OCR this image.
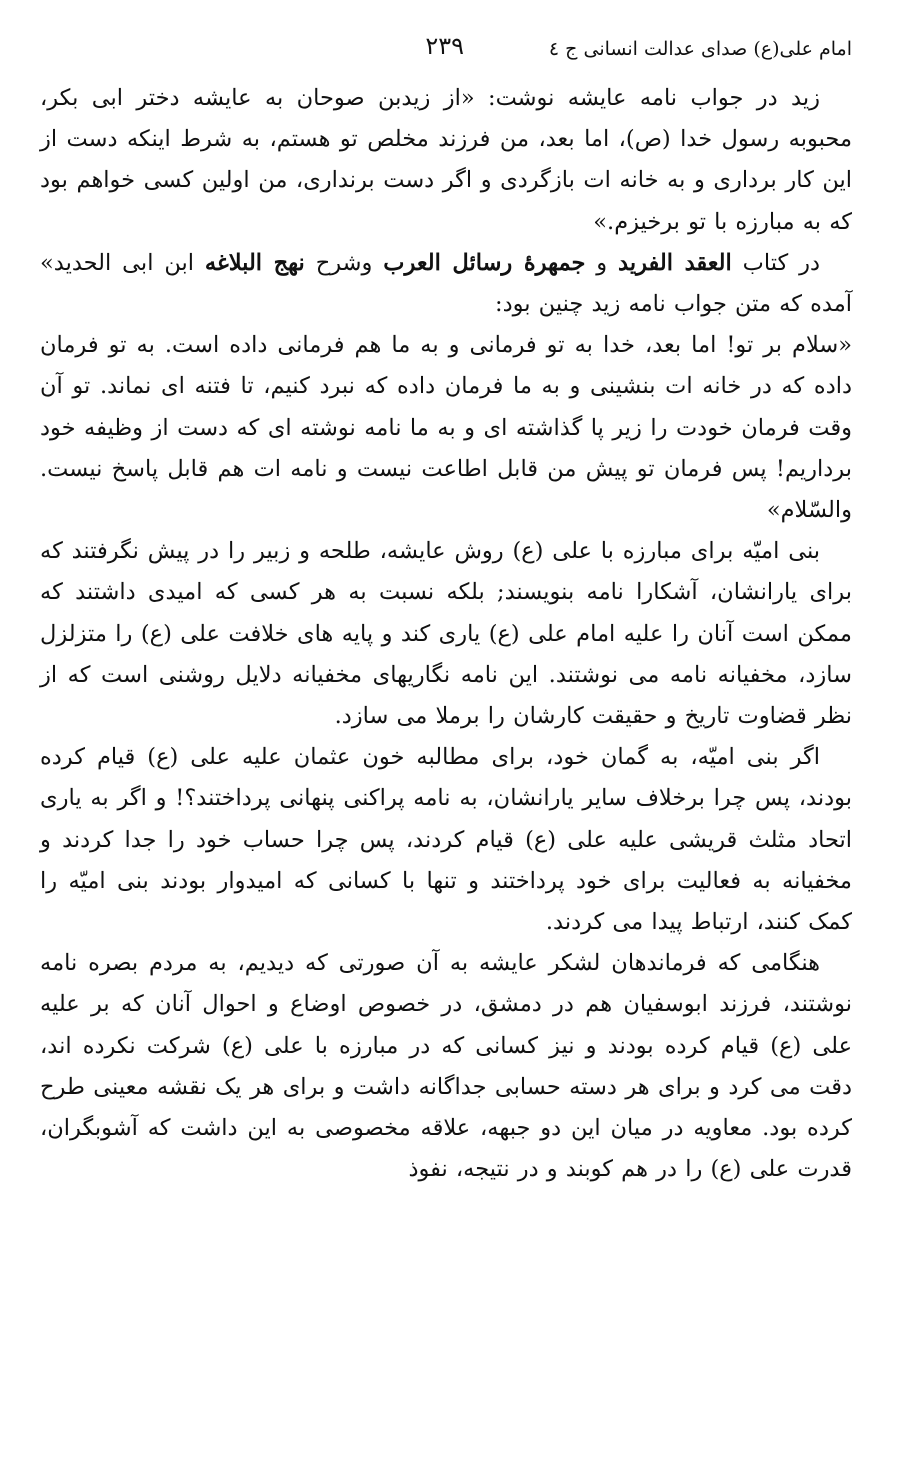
امام علی(ع) صدای عدالت انسانی ج ٤
٢٣٩

زید در جواب نامه عایشه نوشت: «از زیدبن صوحان به عایشه دختر ابی بکر، محبوبه رسول خدا (ص)، اما بعد، من فرزند مخلص تو هستم، به شرط اینکه دست از این کار برداری و به خانه ات بازگردی و اگر دست برنداری، من اولین کسی خواهم بود که به مبارزه با تو برخیزم.»

در کتاب العقد الفرید و جمهرهٔ رسائل العرب وشرح نهج البلاغه ابن ابی الحدید» آمده که متن جواب نامه زید چنین بود:

«سلام بر تو! اما بعد، خدا به تو فرمانی و به ما هم فرمانی داده است. به تو فرمان داده که در خانه ات بنشینی و به ما فرمان داده که نبرد کنیم، تا فتنه ای نماند. تو آن وقت فرمان خودت را زیر پا گذاشته ای و به ما نامه نوشته ای که دست از وظیفه خود برداریم! پس فرمان تو پیش من قابل اطاعت نیست و نامه ات هم قابل پاسخ نیست. والسّلام»

بنی امیّه برای مبارزه با علی (ع) روش عایشه، طلحه و زبیر را در پیش نگرفتند که برای یارانشان، آشکارا نامه بنویسند; بلکه نسبت به هر کسی که امیدی داشتند که ممکن است آنان را علیه امام علی (ع) یاری کند و پایه های خلافت علی (ع) را متزلزل سازد، مخفیانه نامه می نوشتند. این نامه نگاریهای مخفیانه دلایل روشنی است که از نظر قضاوت تاریخ و حقیقت کارشان را برملا می سازد.

اگر بنی امیّه، به گمان خود، برای مطالبه خون عثمان علیه علی (ع) قیام کرده بودند، پس چرا برخلاف سایر یارانشان، به نامه پراکنی پنهانی پرداختند؟! و اگر به یاری اتحاد مثلث قریشی علیه علی (ع) قیام کردند، پس چرا حساب خود را جدا کردند و مخفیانه به فعالیت برای خود پرداختند و تنها با کسانی که امیدوار بودند بنی امیّه را کمک کنند، ارتباط پیدا می کردند.

هنگامی که فرماندهان لشکر عایشه به آن صورتی که دیدیم، به مردم بصره نامه نوشتند، فرزند ابوسفیان هم در دمشق، در خصوص اوضاع و احوال آنان که بر علیه علی (ع) قیام کرده بودند و نیز کسانی که در مبارزه با علی (ع) شرکت نکرده اند، دقت می کرد و برای هر دسته حسابی جداگانه داشت و برای هر یک نقشه معینی طرح کرده بود. معاویه در میان این دو جبهه، علاقه مخصوصی به این داشت که آشوبگران، قدرت علی (ع) را در هم کوبند و در نتیجه، نفوذ
